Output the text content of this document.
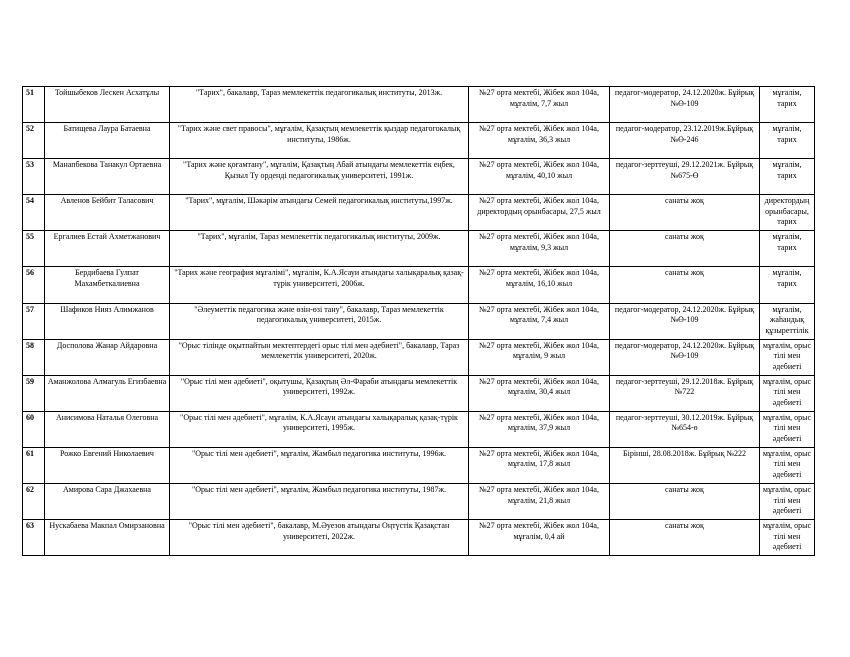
51	Тойшыбеков Лескен Асхатұлы	"Тарих", бакалавр, Тараз мемлекеттік педагогикалық институты, 2013ж.	№27 орта мектебі, Жібек жол 104а, мұғалім, 7,7 жыл	педагог-модератор, 24.12.2020ж. Бұйрық №Ө-109	мұғалім, тарих
52	Батищева Лаура Батаевна	"Тарих және свет правосы", мұғалім, Қазақтың мемлекеттік қыздар педагогокалық институты, 1986ж.	№27 орта мектебі, Жібек жол 104а, мұғалім, 36,3 жыл	педагог-модератор, 23.12.2019ж.Бұйрық №Ө-246	мұғалім, тарих
53	Манапбекова Танакул Ортаевна	"Тарих және қоғамтану", мұғалім, Қазақтың Абай атындағы мемлекеттік еңбек, Қызыл Ту орденді педагогикалық университеті, 1991ж.	№27 орта мектебі, Жібек жол 104а, мұғалім, 40,10 жыл	педагог-зерттеуші, 29.12.2021ж. Бұйрық №675-Ө	мұғалім, тарих
54	Авленов Бейбит Таласович	"Тарих", мұғалім, Шәкәрім атындағы Семей педагогикалық институты,1997ж.	№27 орта мектебі, Жібек жол 104а, директордың орынбасары, 27,5 жыл	санаты жоқ	директордың орынбасары, тарих
55	Ергалиев Естай Ахметжанович	"Тарих", мұғалім, Тараз мемлекеттік педагогикалық институты, 2009ж.	№27 орта мектебі, Жібек жол 104а, мұғалім, 9,3 жыл	санаты жоқ	мұғалім, тарих
56	Бердибаева Гулпат Махамбеткалиевна	"Тарих және география мұғалімі", мұғалім, К.А.Ясауи атындағы халықаралық қазақ-түрік университеті, 2006ж.	№27 орта мектебі, Жібек жол 104а, мұғалім, 16,10 жыл	санаты жоқ	мұғалім, тарих
57	Шафиков Нияз Алимжанов	"Әлеуметтік педагогика және өзін-өзі тану", бакалавр, Тараз мемлекеттік педагогикалық университеті, 2015ж.	№27 орта мектебі, Жібек жол 104а, мұғалім, 7,4 жыл	педагог-модератор, 24.12.2020ж. Бұйрық №Ө-109	мұғалім, жаһандық құзыреттілік
58	Досполова Жанар Айдаровна	"Орыс тілінде оқытпайтын мектептердегі орыс тілі мен әдебиеті", бакалавр, Тараз мемлекеттік университеті, 2020ж.	№27 орта мектебі, Жібек жол 104а, мұғалім, 9 жыл	педагог-модератор, 24.12.2020ж. Бұйрық №Ө-109	мұғалім, орыс тілі мен әдебиеті
59	Аманжолова Алмагуль Егизбаевна	"Орыс тілі мен әдебиеті", оқытушы, Қазақтың Әл-Фараби атындағы мемлекеттік университеті, 1992ж.	№27 орта мектебі, Жібек жол 104а, мұғалім, 30,4 жыл	педагог-зерттеуші, 29.12.2018ж. Бұйрық №722	мұғалім, орыс тілі мен әдебиеті
60	Анисимова Наталья Олеговна	"Орыс тілі мен әдебиеті", мұғалім, К.А.Ясауи атындағы халықаралық қазақ-түрік университеті, 1995ж.	№27 орта мектебі, Жібек жол 104а, мұғалім, 37,9 жыл	педагог-зерттеуші, 30.12.2019ж. Бұйрық №654-ө	мұғалім, орыс тілі мен әдебиеті
61	Рожко Евгений Николаевич	"Орыс тілі мен әдебиеті", мұғалім, Жамбыл педагогика институты, 1996ж.	№27 орта мектебі, Жібек жол 104а, мұғалім, 17,8 жыл	Бірінші, 28.08.2018ж. Бұйрық №222	мұғалім, орыс тілі мен әдебиеті
62	Амирова Сара Джахаевна	"Орыс тілі мен әдебиеті", мұғалім, Жамбыл педагогика институты, 1987ж.	№27 орта мектебі, Жібек жол 104а, мұғалім, 21,8 жыл	санаты жоқ	мұғалім, орыс тілі мен әдебиеті
63	Нускабаева Макпал Омирзановна	"Орыс тілі мен әдебиеті", бакалавр, М.Әуезов атындағы Оңтүстік Қазақстан университеті, 2022ж.	№27 орта мектебі, Жібек жол 104а, мұғалім, 0,4 ай	санаты жоқ	мұғалім, орыс тілі мен әдебиеті
